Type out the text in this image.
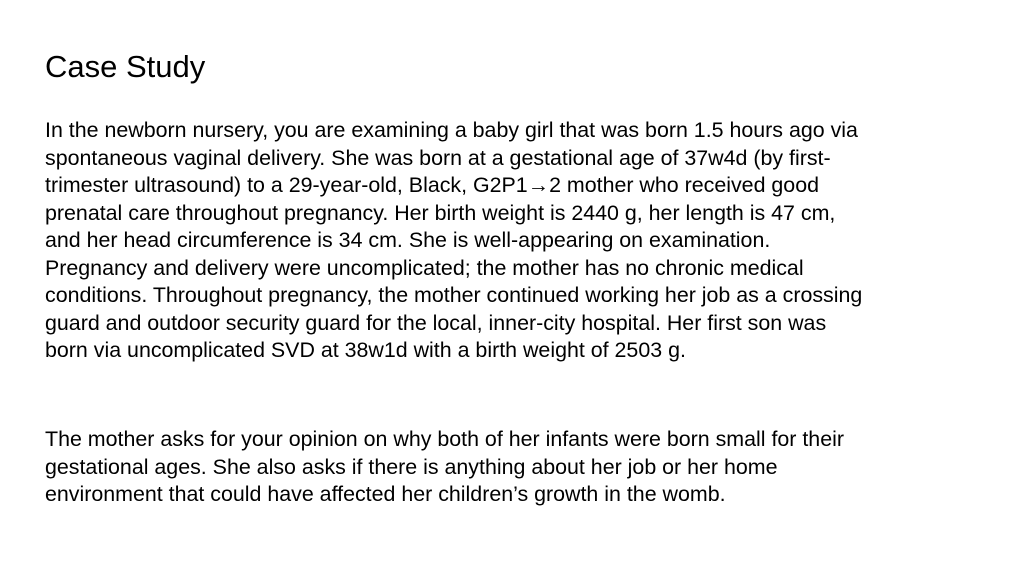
Case Study

In the newborn nursery, you are examining a baby girl that was born 1.5 hours ago via
spontaneous vaginal delivery. She was born at a gestational age of 37w4d (by first-
trimester ultrasound) to a 29-year-old, Black, G2P1→2 mother who received good
prenatal care throughout pregnancy. Her birth weight is 2440 g, her length is 47 cm,
and her head circumference is 34 cm. She is well-appearing on examination.
Pregnancy and delivery were uncomplicated; the mother has no chronic medical
conditions. Throughout pregnancy, the mother continued working her job as a crossing
guard and outdoor security guard for the local, inner-city hospital. Her first son was
born via uncomplicated SVD at 38w1d with a birth weight of 2503 g.

The mother asks for your opinion on why both of her infants were born small for their
gestational ages. She also asks if there is anything about her job or her home
environment that could have affected her children’s growth in the womb.
